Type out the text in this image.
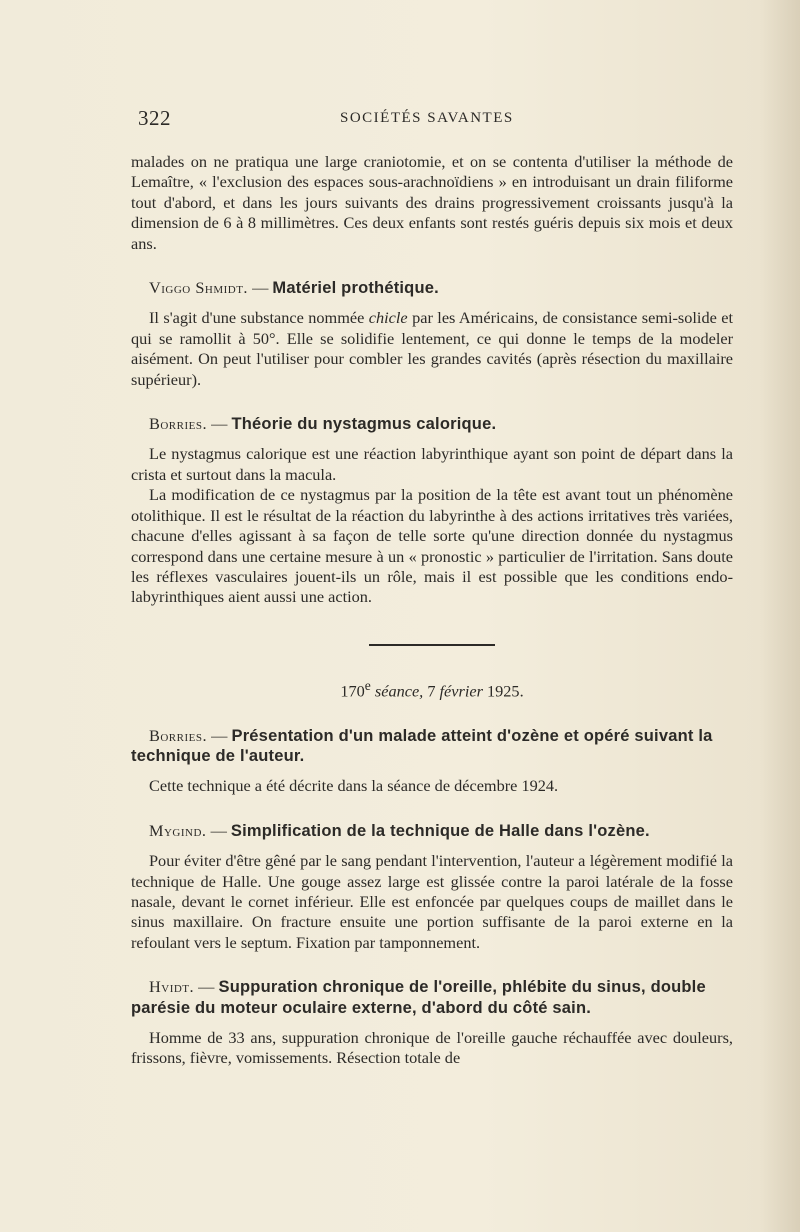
322	SOCIÉTÉS SAVANTES

malades on ne pratiqua une large craniotomie, et on se contenta d'utiliser la méthode de Lemaître, « l'exclusion des espaces sous-arachnoïdiens » en introduisant un drain filiforme tout d'abord, et dans les jours suivants des drains progressivement croissants jusqu'à la dimension de 6 à 8 millimètres. Ces deux enfants sont restés guéris depuis six mois et deux ans.

Viggo Shmidt. — Matériel prothétique.

Il s'agit d'une substance nommée chicle par les Américains, de consistance semi-solide et qui se ramollit à 50°. Elle se solidifie lentement, ce qui donne le temps de la modeler aisément. On peut l'utiliser pour combler les grandes cavités (après résection du maxillaire supérieur).

Borries. — Théorie du nystagmus calorique.

Le nystagmus calorique est une réaction labyrinthique ayant son point de départ dans la crista et surtout dans la macula.

La modification de ce nystagmus par la position de la tête est avant tout un phénomène otolithique. Il est le résultat de la réaction du labyrinthe à des actions irritatives très variées, chacune d'elles agissant à sa façon de telle sorte qu'une direction donnée du nystagmus correspond dans une certaine mesure à un « pronostic » particulier de l'irritation. Sans doute les réflexes vasculaires jouent-ils un rôle, mais il est possible que les conditions endo-labyrinthiques aient aussi une action.

170e séance, 7 février 1925.
Borries. — Présentation d'un malade atteint d'ozène et opéré suivant la technique de l'auteur.

Cette technique a été décrite dans la séance de décembre 1924.

Mygind. — Simplification de la technique de Halle dans l'ozène.

Pour éviter d'être gêné par le sang pendant l'intervention, l'auteur a légèrement modifié la technique de Halle. Une gouge assez large est glissée contre la paroi latérale de la fosse nasale, devant le cornet inférieur. Elle est enfoncée par quelques coups de maillet dans le sinus maxillaire. On fracture ensuite une portion suffisante de la paroi externe en la refoulant vers le septum. Fixation par tamponnement.

Hvidt. — Suppuration chronique de l'oreille, phlébite du sinus, double parésie du moteur oculaire externe, d'abord du côté sain.

Homme de 33 ans, suppuration chronique de l'oreille gauche réchauffée avec douleurs, frissons, fièvre, vomissements. Résection totale de
